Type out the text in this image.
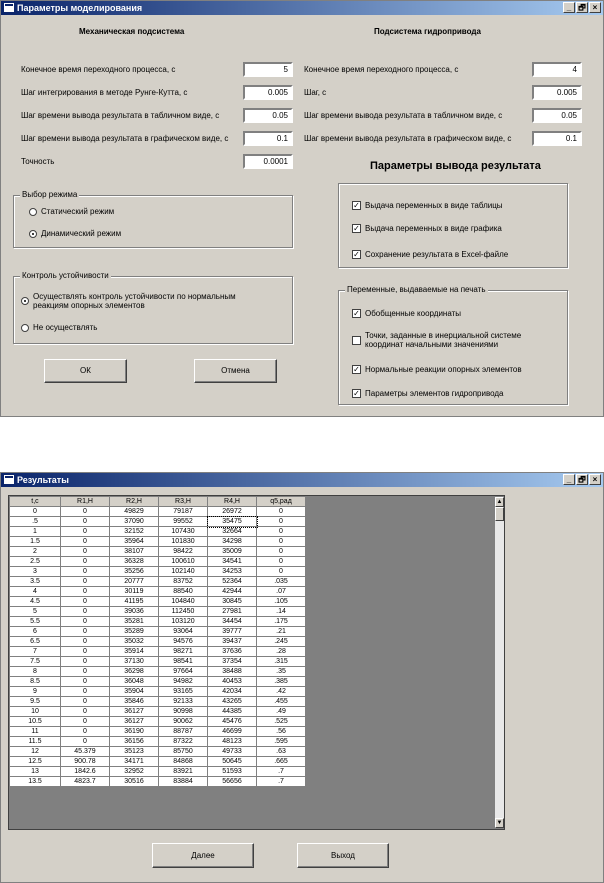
Параметры моделирования	_ 🗗 ×
Механическая подсистема
Конечное время переходного процесса, с	5
Шаг интегрирования в методе Рунге-Кутта, с	0.005
Шаг времени вывода результата в табличном виде, с	0.05
Шаг времени вывода результата в графическом виде, с	0.1
Точность	0.0001
Выбор режима
Статический режим
Динамический режим
Контроль устойчивости
Осуществлять контроль устойчивости по нормальным реакциям опорных элементов
Не осуществлять
ОК	Отмена
Подсистема гидропривода
Конечное время переходного процесса, с	4
Шаг, с	0.005
Шаг времени вывода результата в табличном виде, с	0.05
Шаг времени вывода результата в графическом виде, с	0.1
Параметры вывода результата
✓ Выдача переменных в виде таблицы
✓ Выдача переменных в виде графика
✓ Сохранение результата в Excel-файле
Переменные, выдаваемые на печать
✓ Обобщенные координаты
Точки, заданные в инерциальной системе координат начальными значениями
✓ Нормальные реакции опорных элементов
✓ Параметры элементов гидропривода
Результаты	_ 🗗 ×
t,c	R1,H	R2,H	R3,H	R4,H	q5,рад
0	0	49829	79187	26972	0
.5	0	37090	99552	35475	0
1	0	32152	107430	32664	0
1.5	0	35964	101830	34298	0
2	0	38107	98422	35009	0
2.5	0	36328	100610	34541	0
3	0	35256	102140	34253	0
3.5	0	20777	83752	52364	.035
4	0	30119	88540	42944	.07
4.5	0	41195	104840	30845	.105
5	0	39036	112450	27981	.14
5.5	0	35281	103120	34454	.175
6	0	35289	93064	39777	.21
6.5	0	35032	94576	39437	.245
7	0	35914	98271	37636	.28
7.5	0	37130	98541	37354	.315
8	0	36298	97664	38488	.35
8.5	0	36048	94982	40453	.385
9	0	35904	93165	42034	.42
9.5	0	35846	92133	43265	.455
10	0	36127	90998	44385	.49
10.5	0	36127	90062	45476	.525
11	0	36190	88787	46699	.56
11.5	0	36156	87322	48123	.595
12	45.379	35123	85750	49733	.63
12.5	900.78	34171	84868	50645	.665
13	1842.6	32952	83921	51593	.7
13.5	4823.7	30516	83884	56656	.7
▲
▼
Далее	Выход
